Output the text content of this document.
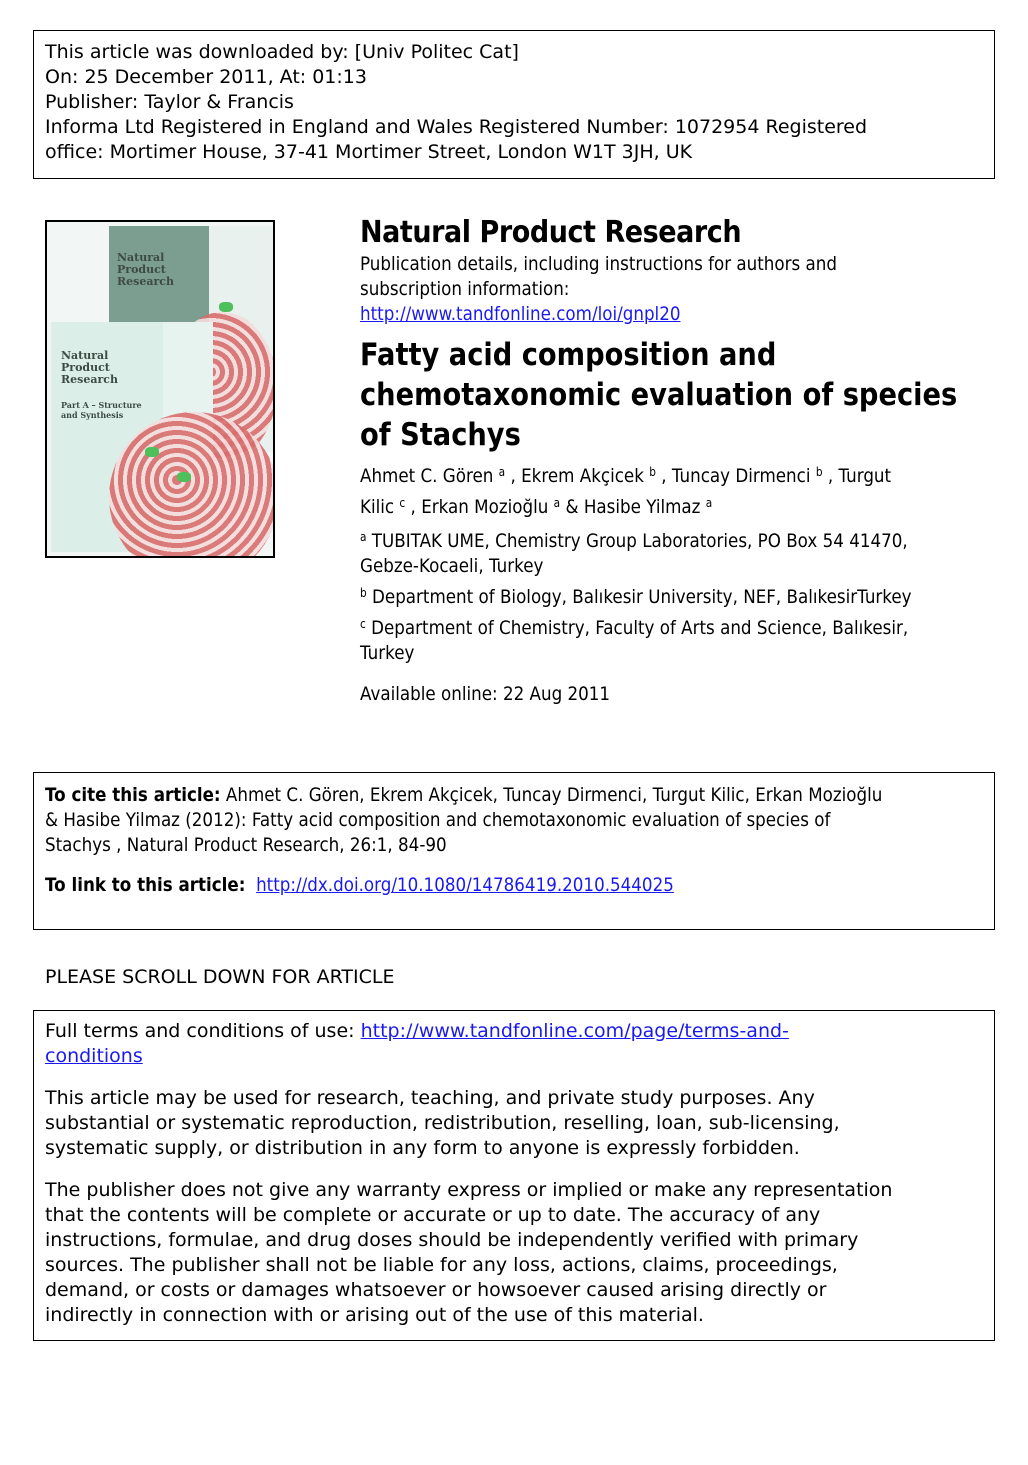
This article was downloaded by: [Univ Politec Cat]
On: 25 December 2011, At: 01:13
Publisher: Taylor & Francis
Informa Ltd Registered in England and Wales Registered Number: 1072954 Registered
office: Mortimer House, 37-41 Mortimer Street, London W1T 3JH, UK
Natural Product Research
Natural Product Research
Part A – Structure and Synthesis
Natural Product Research
Publication details, including instructions for authors and
subscription information:
http://www.tandfonline.com/loi/gnpl20
Fatty acid composition and
chemotaxonomic evaluation of species
of Stachys
Ahmet C. Gören $^a$ , Ekrem Akçicek $^b$ , Tuncay Dirmenci $^b$ , Turgut
Kilic $^c$ , Erkan Mozioğlu $^a$ & Hasibe Yilmaz $^a$
$^a$ TUBITAK UME, Chemistry Group Laboratories, PO Box 54 41470,
Gebze-Kocaeli, Turkey
$^b$ Department of Biology, Balıkesir University, NEF, BalıkesirTurkey
$^c$ Department of Chemistry, Faculty of Arts and Science, Balıkesir,
Turkey
Available online: 22 Aug 2011
To cite this article: Ahmet C. Gören, Ekrem Akçicek, Tuncay Dirmenci, Turgut Kilic, Erkan Mozioğlu
& Hasibe Yilmaz (2012): Fatty acid composition and chemotaxonomic evaluation of species of
Stachys , Natural Product Research, 26:1, 84-90
To link to this article: http://dx.doi.org/10.1080/14786419.2010.544025
PLEASE SCROLL DOWN FOR ARTICLE

Full terms and conditions of use: http://www.tandfonline.com/page/terms-and-
conditions

This article may be used for research, teaching, and private study purposes. Any
substantial or systematic reproduction, redistribution, reselling, loan, sub-licensing,
systematic supply, or distribution in any form to anyone is expressly forbidden.

The publisher does not give any warranty express or implied or make any representation
that the contents will be complete or accurate or up to date. The accuracy of any
instructions, formulae, and drug doses should be independently verified with primary
sources. The publisher shall not be liable for any loss, actions, claims, proceedings,
demand, or costs or damages whatsoever or howsoever caused arising directly or
indirectly in connection with or arising out of the use of this material.
